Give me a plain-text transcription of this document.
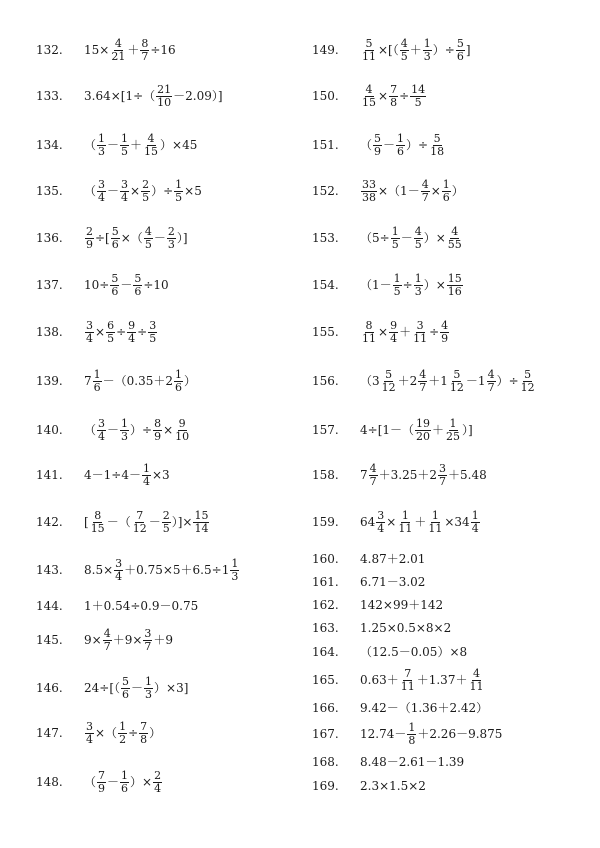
132.	$15\times \frac{4}{21} + \frac{8}{7} \div 16$
133.	$3.64\times[1\div( \frac{21}{10} -2.09)]$
134.	（ $\frac{1}{3} - \frac{1}{5} + \frac{4}{15} )\times 45$
135.	（ $\frac{3}{4} - \frac{3}{4} \times \frac{2}{5}$ ）÷ $\frac{1}{5} \times 5$
136.	$\frac{2}{9}$ ÷[ $\frac{5}{6}$ ×（ $\frac{4}{5} - \frac{2}{3}$ ）]
137.	$10\div \frac{5}{6} - \frac{5}{6} \div 10$
138.	$\frac{3}{4} \times \frac{6}{5} \div \frac{9}{4} \div \frac{3}{5}$
139.	$7 \frac{1}{6} -(0.35+2 \frac{1}{6}$ ）
140.	（ $\frac{3}{4} - \frac{1}{3}$ ）÷ $\frac{8}{9} \times \frac{9}{10}$
141.	$4-1\div 4- \frac{1}{4} \times 3$
142.	[ $\frac{8}{15}$ －（ $\frac{7}{12} - \frac{2}{5}$ ）]× $\frac{15}{14}$
143.	$8.5\times \frac{3}{4} +0.75\times 5+6.5\div 1 \frac{1}{3}$
144.	1＋0.54÷0.9－0.75
145.	$9\times \frac{4}{7} +9\times \frac{3}{7} +9$
146.	$24\div[( \frac{5}{6} - \frac{1}{3} )\times 3]$
147.	$\frac{3}{4}$ ×（ $\frac{1}{2} \div \frac{7}{8}$ ）
148.	（ $\frac{7}{9} - \frac{1}{6}$ ）× $\frac{2}{4}$
149.	$\frac{5}{11}$ ×[（ $\frac{4}{5} + \frac{1}{3}$ ）÷ $\frac{5}{6}$ ]
150.	$\frac{4}{15} \times \frac{7}{8} \div \frac{14}{5}$
151.	（ $\frac{5}{9} - \frac{1}{6}$ ）÷ $\frac{5}{18}$
152.	$\frac{33}{38} \times(1- \frac{4}{7} \times \frac{1}{6}$ ）
153.	（$5\div \frac{1}{5} - \frac{4}{5}$ ）× $\frac{4}{55}$
154.	（$1- \frac{1}{5} \div \frac{1}{3}$ ）× $\frac{15}{16}$
155.	$\frac{8}{11} \times \frac{9}{4} + \frac{3}{11} \div \frac{4}{9}$
156.	（$3 \frac{5}{12} +2 \frac{4}{7} +1 \frac{5}{12} -1 \frac{4}{7}$ ）÷ $\frac{5}{12}$
157.	$4\div[1-( \frac{19}{20} + \frac{1}{25}$ ）]
158.	$7 \frac{4}{7} +3.25+2 \frac{3}{7} +5.48$
159.	$64 \frac{3}{4} \times \frac{1}{11} + \frac{1}{11} \times 34 \frac{1}{4}$
160.	4.87＋2.01
161.	6.71－3.02
162.	142×99＋142
163.	1.25×0.5×8×2
164.	（12.5－0.05）×8
165.	$0.63+ \frac{7}{11} +1.37+ \frac{4}{11}$
166.	9.42－（1.36＋2.42）
167.	$12.74- \frac{1}{8} +2.26-9.875$
168.	8.48－2.61－1.39
169.	2.3×1.5×2
